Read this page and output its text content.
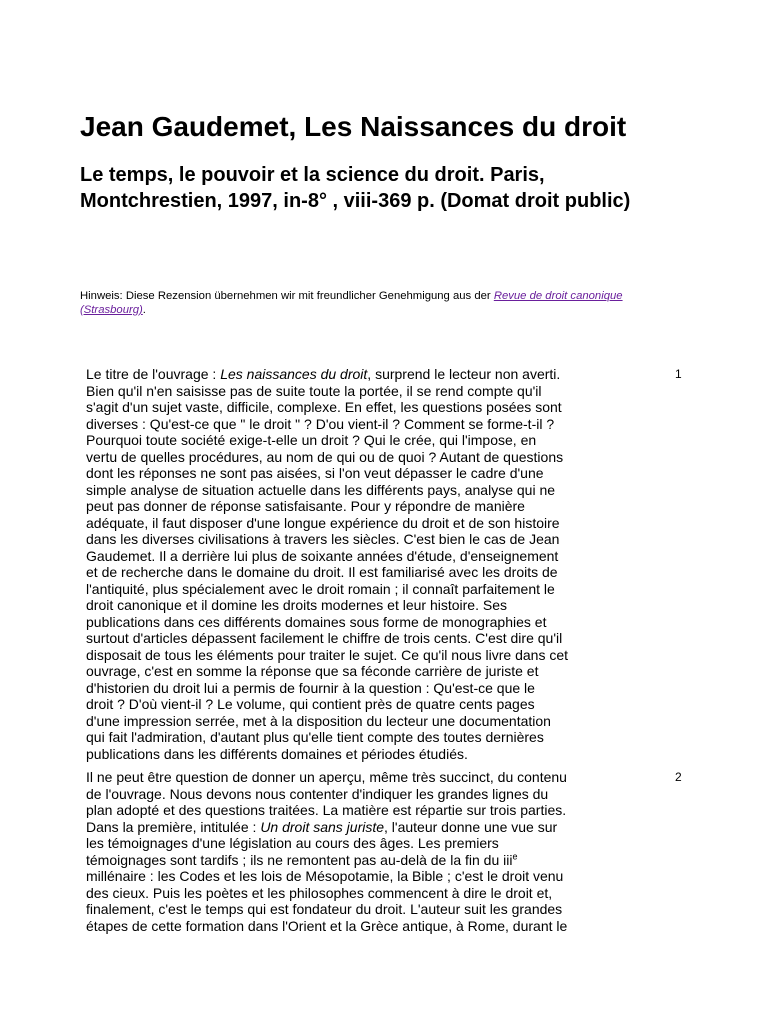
Jean Gaudemet, Les Naissances du droit
Le temps, le pouvoir et la science du droit. Paris, Montchrestien, 1997, in-8° , viii-369 p. (Domat droit public)
Hinweis: Diese Rezension übernehmen wir mit freundlicher Genehmigung aus der Revue de droit canonique (Strasbourg).

Le titre de l'ouvrage : Les naissances du droit, surprend le lecteur non averti.
Bien qu'il n'en saisisse pas de suite toute la portée, il se rend compte qu'il
s'agit d'un sujet vaste, difficile, complexe. En effet, les questions posées sont
diverses : Qu'est-ce que " le droit " ? D'ou vient-il ? Comment se forme-t-il ?
Pourquoi toute société exige-t-elle un droit ? Qui le crée, qui l'impose, en
vertu de quelles procédures, au nom de qui ou de quoi ? Autant de questions
dont les réponses ne sont pas aisées, si l'on veut dépasser le cadre d'une
simple analyse de situation actuelle dans les différents pays, analyse qui ne
peut pas donner de réponse satisfaisante. Pour y répondre de manière
adéquate, il faut disposer d'une longue expérience du droit et de son histoire
dans les diverses civilisations à travers les siècles. C'est bien le cas de Jean
Gaudemet. Il a derrière lui plus de soixante années d'étude, d'enseignement
et de recherche dans le domaine du droit. Il est familiarisé avec les droits de
l'antiquité, plus spécialement avec le droit romain ; il connaît parfaitement le
droit canonique et il domine les droits modernes et leur histoire. Ses
publications dans ces différents domaines sous forme de monographies et
surtout d'articles dépassent facilement le chiffre de trois cents. C'est dire qu'il
disposait de tous les éléments pour traiter le sujet. Ce qu'il nous livre dans cet
ouvrage, c'est en somme la réponse que sa féconde carrière de juriste et
d'historien du droit lui a permis de fournir à la question : Qu'est-ce que le
droit ? D'où vient-il ? Le volume, qui contient près de quatre cents pages
d'une impression serrée, met à la disposition du lecteur une documentation
qui fait l'admiration, d'autant plus qu'elle tient compte des toutes dernières
publications dans les différents domaines et périodes étudiés.

1

Il ne peut être question de donner un aperçu, même très succinct, du contenu
de l'ouvrage. Nous devons nous contenter d'indiquer les grandes lignes du
plan adopté et des questions traitées. La matière est répartie sur trois parties.
Dans la première, intitulée : Un droit sans juriste, l'auteur donne une vue sur
les témoignages d'une législation au cours des âges. Les premiers
témoignages sont tardifs ; ils ne remontent pas au-delà de la fin du iii$^e$
millénaire : les Codes et les lois de Mésopotamie, la Bible ; c'est le droit venu
des cieux. Puis les poètes et les philosophes commencent à dire le droit et,
finalement, c'est le temps qui est fondateur du droit. L'auteur suit les grandes
étapes de cette formation dans l'Orient et la Grèce antique, à Rome, durant le

2
